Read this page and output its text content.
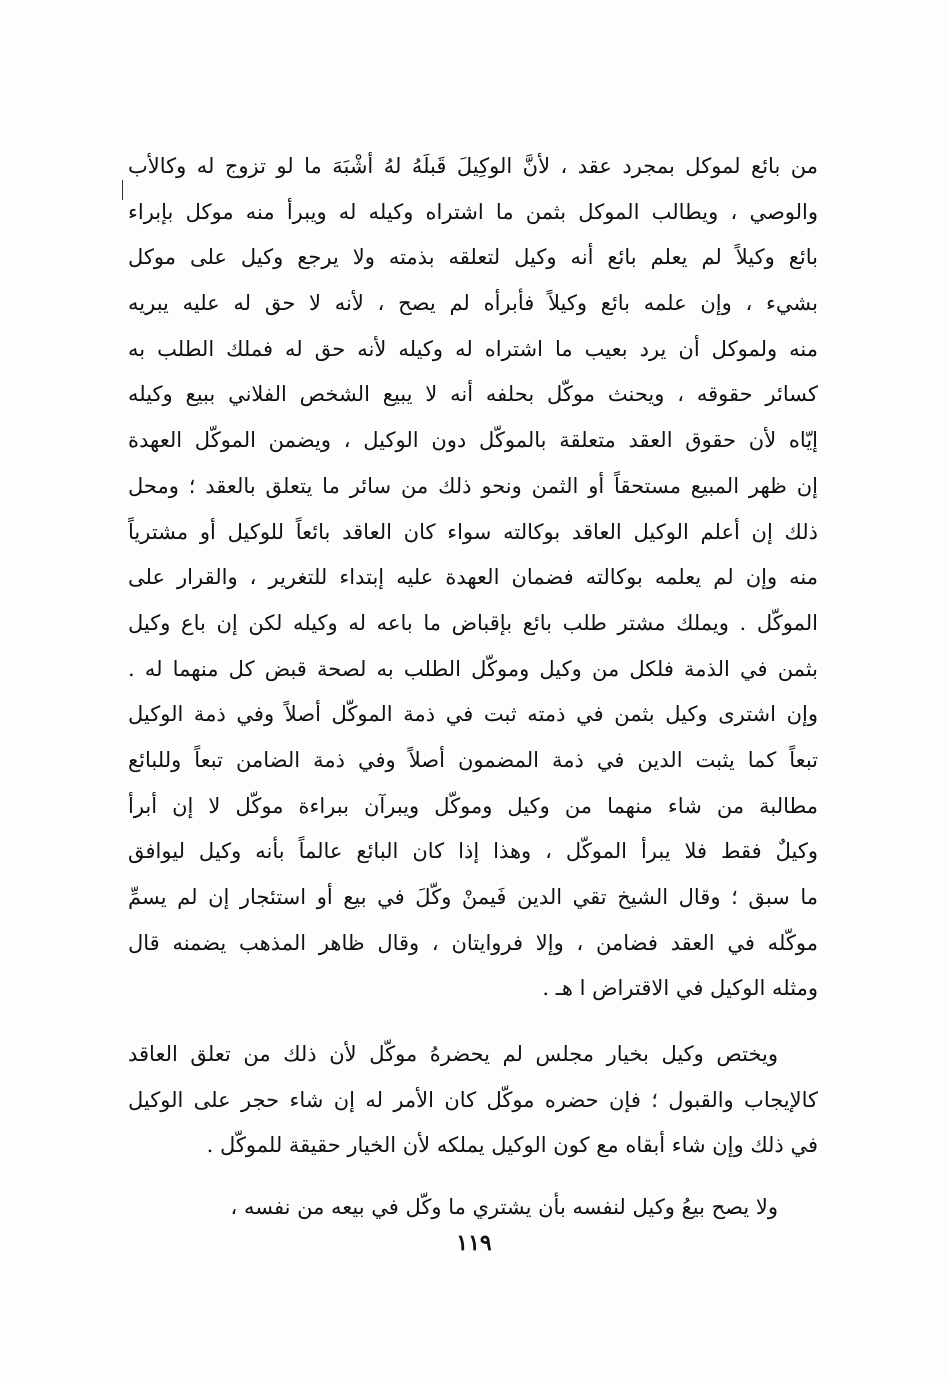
من بائع لموكل بمجرد عقد ، لأنَّ الوكِيلَ قَبلَهُ لهُ أشْبَهَ ما لو تزوج له وكالأب
والوصي ، ويطالب الموكل بثمن ما اشتراه وكيله له ويبرأ منه موكل بإبراء
بائع وكيلاً لم يعلم بائع أنه وكيل لتعلقه بذمته ولا يرجع وكيل على موكل
بشيء ، وإن علمه بائع وكيلاً فأبرأه لم يصح ، لأنه لا حق له عليه يبريه
منه ولموكل أن يرد بعيب ما اشتراه له وكيله لأنه حق له فملك الطلب به
كسائر حقوقه ، ويحنث موكّل بحلفه أنه لا يبيع الشخص الفلاني ببيع وكيله
إيّاه لأن حقوق العقد متعلقة بالموكّل دون الوكيل ، ويضمن الموكّل العهدة
إن ظهر المبيع مستحقاً أو الثمن ونحو ذلك من سائر ما يتعلق بالعقد ؛ ومحل
ذلك إن أعلم الوكيل العاقد بوكالته سواء كان العاقد بائعاً للوكيل أو مشترياً
منه وإن لم يعلمه بوكالته فضمان العهدة عليه إبتداء للتغرير ، والقرار على
الموكّل . ويملك مشتر طلب بائع بإقباض ما باعه له وكيله لكن إن باع وكيل
بثمن في الذمة فلكل من وكيل وموكّل الطلب به لصحة قبض كل منهما له .
وإن اشترى وكيل بثمن في ذمته ثبت في ذمة الموكّل أصلاً وفي ذمة الوكيل
تبعاً كما يثبت الدين في ذمة المضمون أصلاً وفي ذمة الضامن تبعاً وللبائع
مطالبة من شاء منهما من وكيل وموكّل ويبرآن ببراءة موكّل لا إن أبرأ
وكيلٌ فقط فلا يبرأ الموكّل ، وهذا إذا كان البائع عالماً بأنه وكيل ليوافق
ما سبق ؛ وقال الشيخ تقي الدين فَيمنْ وكّلَ في بيع أو استئجار إن لم يسمِّ
موكّله في العقد فضامن ، وإلا فروايتان ، وقال ظاهر المذهب يضمنه قال
ومثله الوكيل في الاقتراض ا هـ .
ويختص وكيل بخيار مجلس لم يحضرهُ موكّل لأن ذلك من تعلق العاقد
كالإيجاب والقبول ؛ فإن حضره موكّل كان الأمر له إن شاء حجر على الوكيل
في ذلك وإن شاء أبقاه مع كون الوكيل يملكه لأن الخيار حقيقة للموكّل .
ولا يصح بيعُ وكيل لنفسه بأن يشتري ما وكّل في بيعه من نفسه ،
١١٩
